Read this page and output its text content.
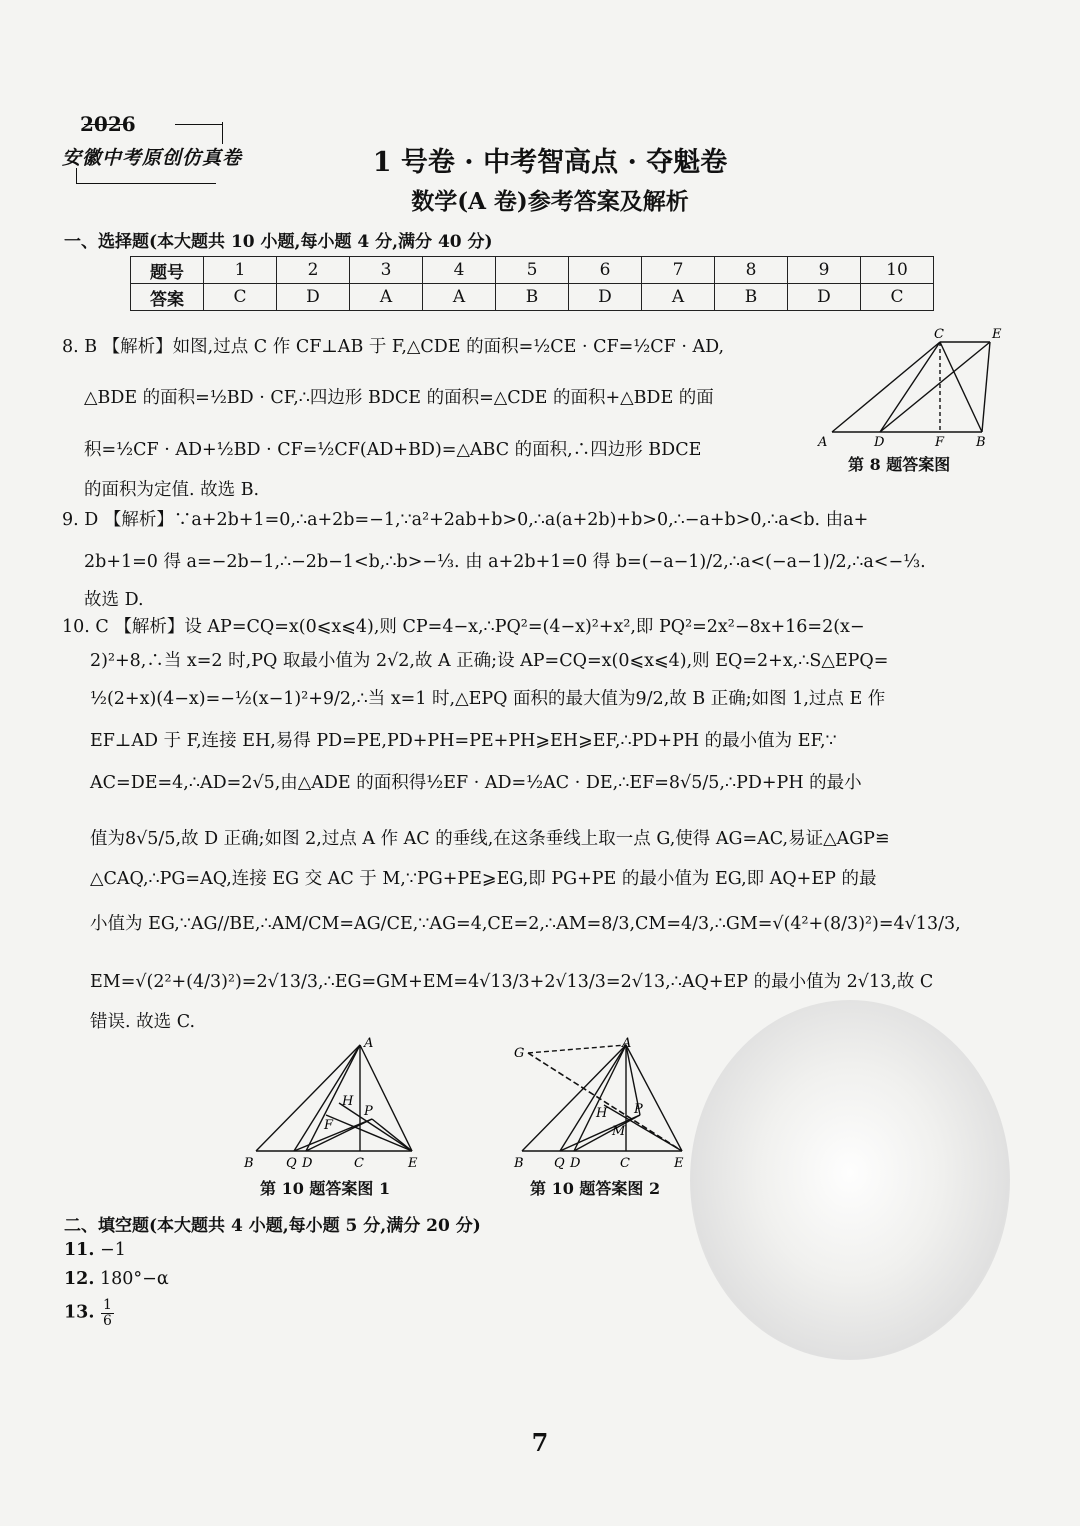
2026
安徽中考原创仿真卷	1 号卷 · 中考智高点 · 夺魁卷
数学(A 卷)参考答案及解析
一、选择题(本大题共 10 小题,每小题 4 分,满分 40 分)
题号	1	2	3	4	5	6	7	8	9	10
答案	C	D	A	A	B	D	A	B	D	C
8. B 【解析】如图,过点 C 作 CF⊥AB 于 F,△CDE 的面积=½CE · CF=½CF · AD,
△BDE 的面积=½BD · CF,∴四边形 BDCE 的面积=△CDE 的面积+△BDE 的面
积=½CF · AD+½BD · CF=½CF(AD+BD)=△ABC 的面积,∴四边形 BDCE
的面积为定值. 故选 B.
C	E
A	D	F B
第 8 题答案图
9. D 【解析】∵a+2b+1=0,∴a+2b=−1,∵a²+2ab+b>0,∴a(a+2b)+b>0,∴−a+b>0,∴a<b. 由a+
2b+1=0 得 a=−2b−1,∴−2b−1<b,∴b>−⅓. 由 a+2b+1=0 得 b=(−a−1)/2,∴a<(−a−1)/2,∴a<−⅓.
故选 D.
10. C 【解析】设 AP=CQ=x(0⩽x⩽4),则 CP=4−x,∴PQ²=(4−x)²+x²,即 PQ²=2x²−8x+16=2(x−
2)²+8,∴当 x=2 时,PQ 取最小值为 2√2,故 A 正确;设 AP=CQ=x(0⩽x⩽4),则 EQ=2+x,∴S△EPQ=
½(2+x)(4−x)=−½(x−1)²+9/2,∴当 x=1 时,△EPQ 面积的最大值为9/2,故 B 正确;如图 1,过点 E 作
EF⊥AD 于 F,连接 EH,易得 PD=PE,PD+PH=PE+PH⩾EH⩾EF,∴PD+PH 的最小值为 EF,∵
AC=DE=4,∴AD=2√5,由△ADE 的面积得½EF · AD=½AC · DE,∴EF=8√5/5,∴PD+PH 的最小
值为8√5/5,故 D 正确;如图 2,过点 A 作 AC 的垂线,在这条垂线上取一点 G,使得 AG=AC,易证△AGP≌
△CAQ,∴PG=AQ,连接 EG 交 AC 于 M,∵PG+PE⩾EG,即 PG+PE 的最小值为 EG,即 AQ+EP 的最
小值为 EG,∵AG//BE,∴AM/CM=AG/CE,∵AG=4,CE=2,∴AM=8/3,CM=4/3,∴GM=√(4²+(8/3)²)=4√13/3,
EM=√(2²+(4/3)²)=2√13/3,∴EG=GM+EM=4√13/3+2√13/3=2√13,∴AQ+EP 的最小值为 2√13,故 C
错误. 故选 C.
A
H
P
F
B Q D	C	E
第 10 题答案图 1
G
A
H P
M
B Q D	C	E
第 10 题答案图 2
二、填空题(本大题共 4 小题,每小题 5 分,满分 20 分)
11. −1
12. 180°−α
13. $\frac{1}{6}$
7
